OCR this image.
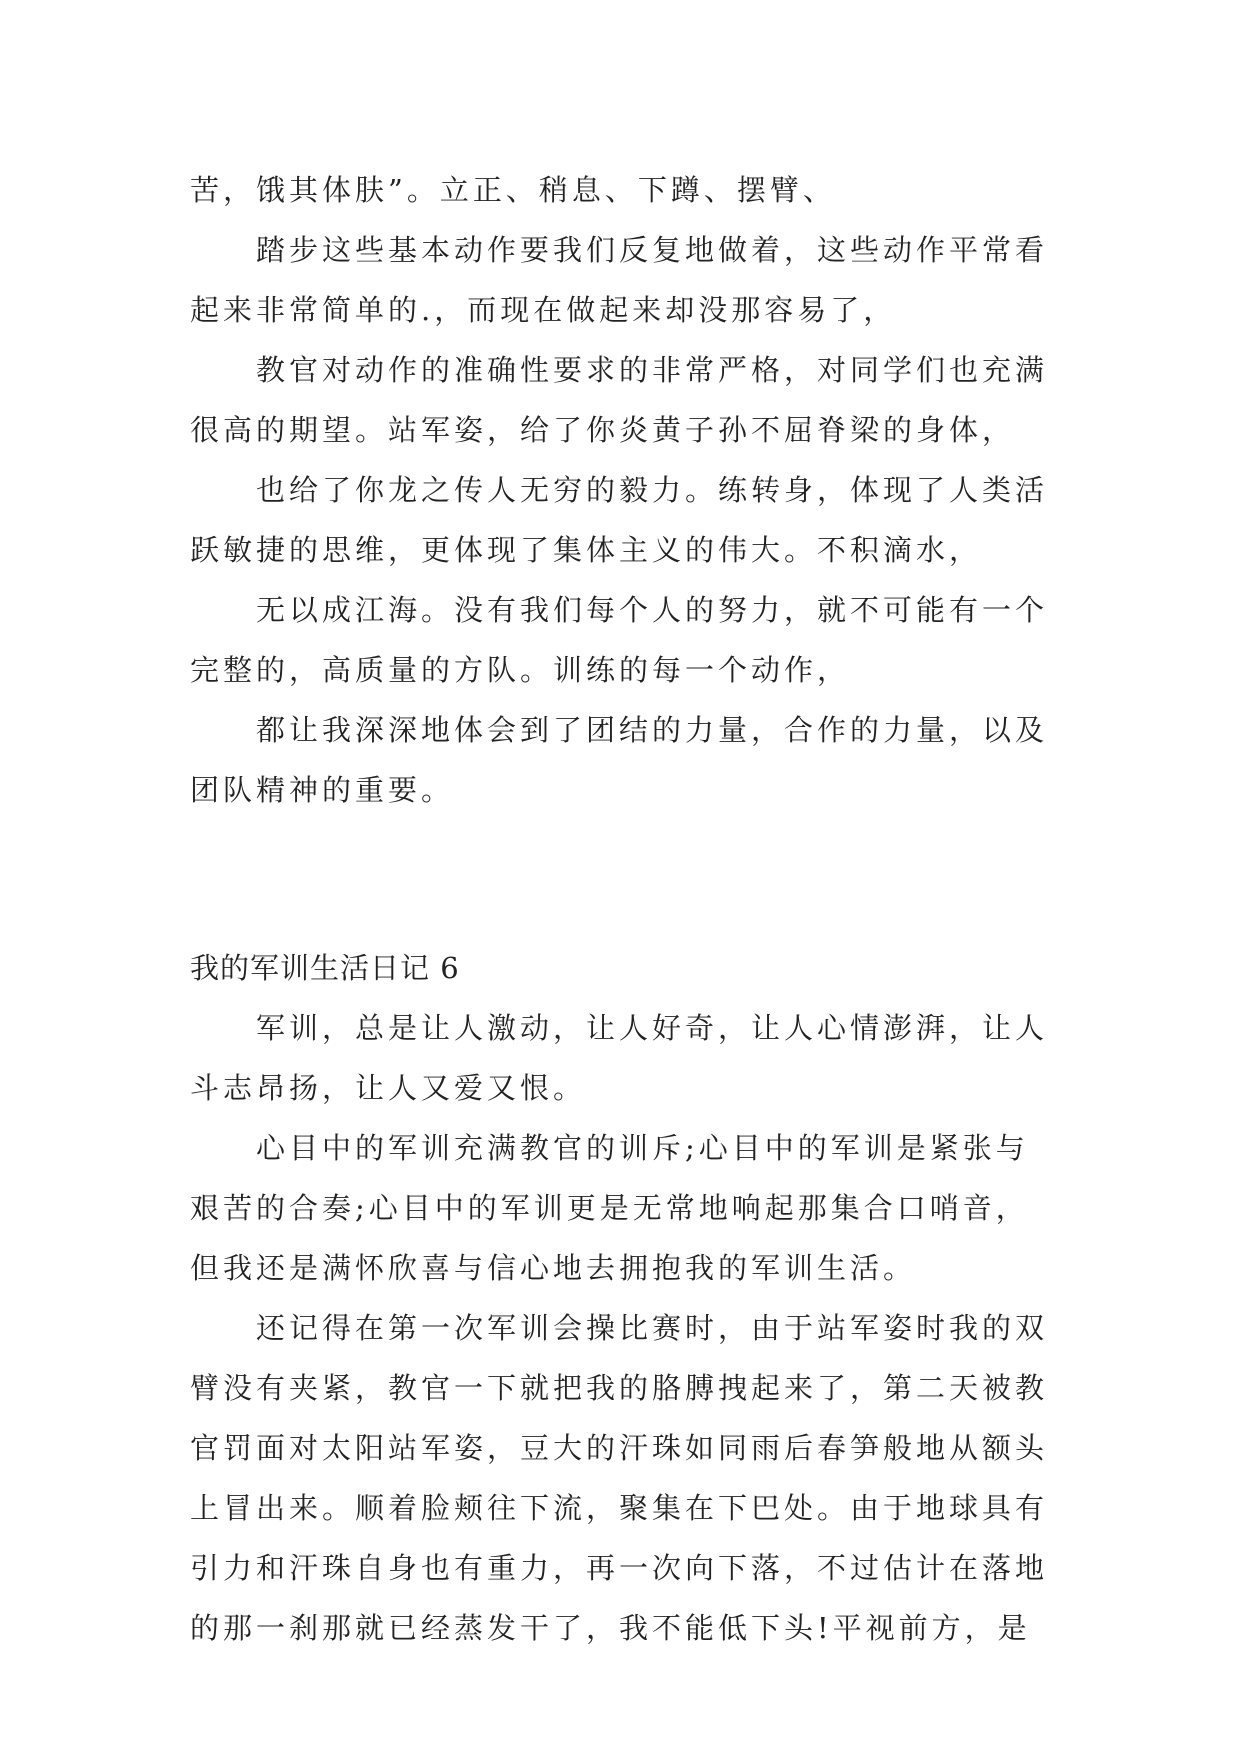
苦，饿其体肤”。立正、稍息、下蹲、摆臂、
踏步这些基本动作要我们反复地做着，这些动作平常看
起来非常简单的.，而现在做起来却没那容易了，
教官对动作的准确性要求的非常严格，对同学们也充满
很高的期望。站军姿，给了你炎黄子孙不屈脊梁的身体，
也给了你龙之传人无穷的毅力。练转身，体现了人类活
跃敏捷的思维，更体现了集体主义的伟大。不积滴水，
无以成江海。没有我们每个人的努力，就不可能有一个
完整的，高质量的方队。训练的每一个动作，
都让我深深地体会到了团结的力量，合作的力量，以及
团队精神的重要。
我的军训生活日记 6
军训，总是让人激动，让人好奇，让人心情澎湃，让人
斗志昂扬，让人又爱又恨。
心目中的军训充满教官的训斥;心目中的军训是紧张与
艰苦的合奏;心目中的军训更是无常地响起那集合口哨音，
但我还是满怀欣喜与信心地去拥抱我的军训生活。
还记得在第一次军训会操比赛时，由于站军姿时我的双
臂没有夹紧，教官一下就把我的胳膊拽起来了，第二天被教
官罚面对太阳站军姿，豆大的汗珠如同雨后春笋般地从额头
上冒出来。顺着脸颊往下流，聚集在下巴处。由于地球具有
引力和汗珠自身也有重力，再一次向下落，不过估计在落地
的那一刹那就已经蒸发干了，我不能低下头!平视前方，是
